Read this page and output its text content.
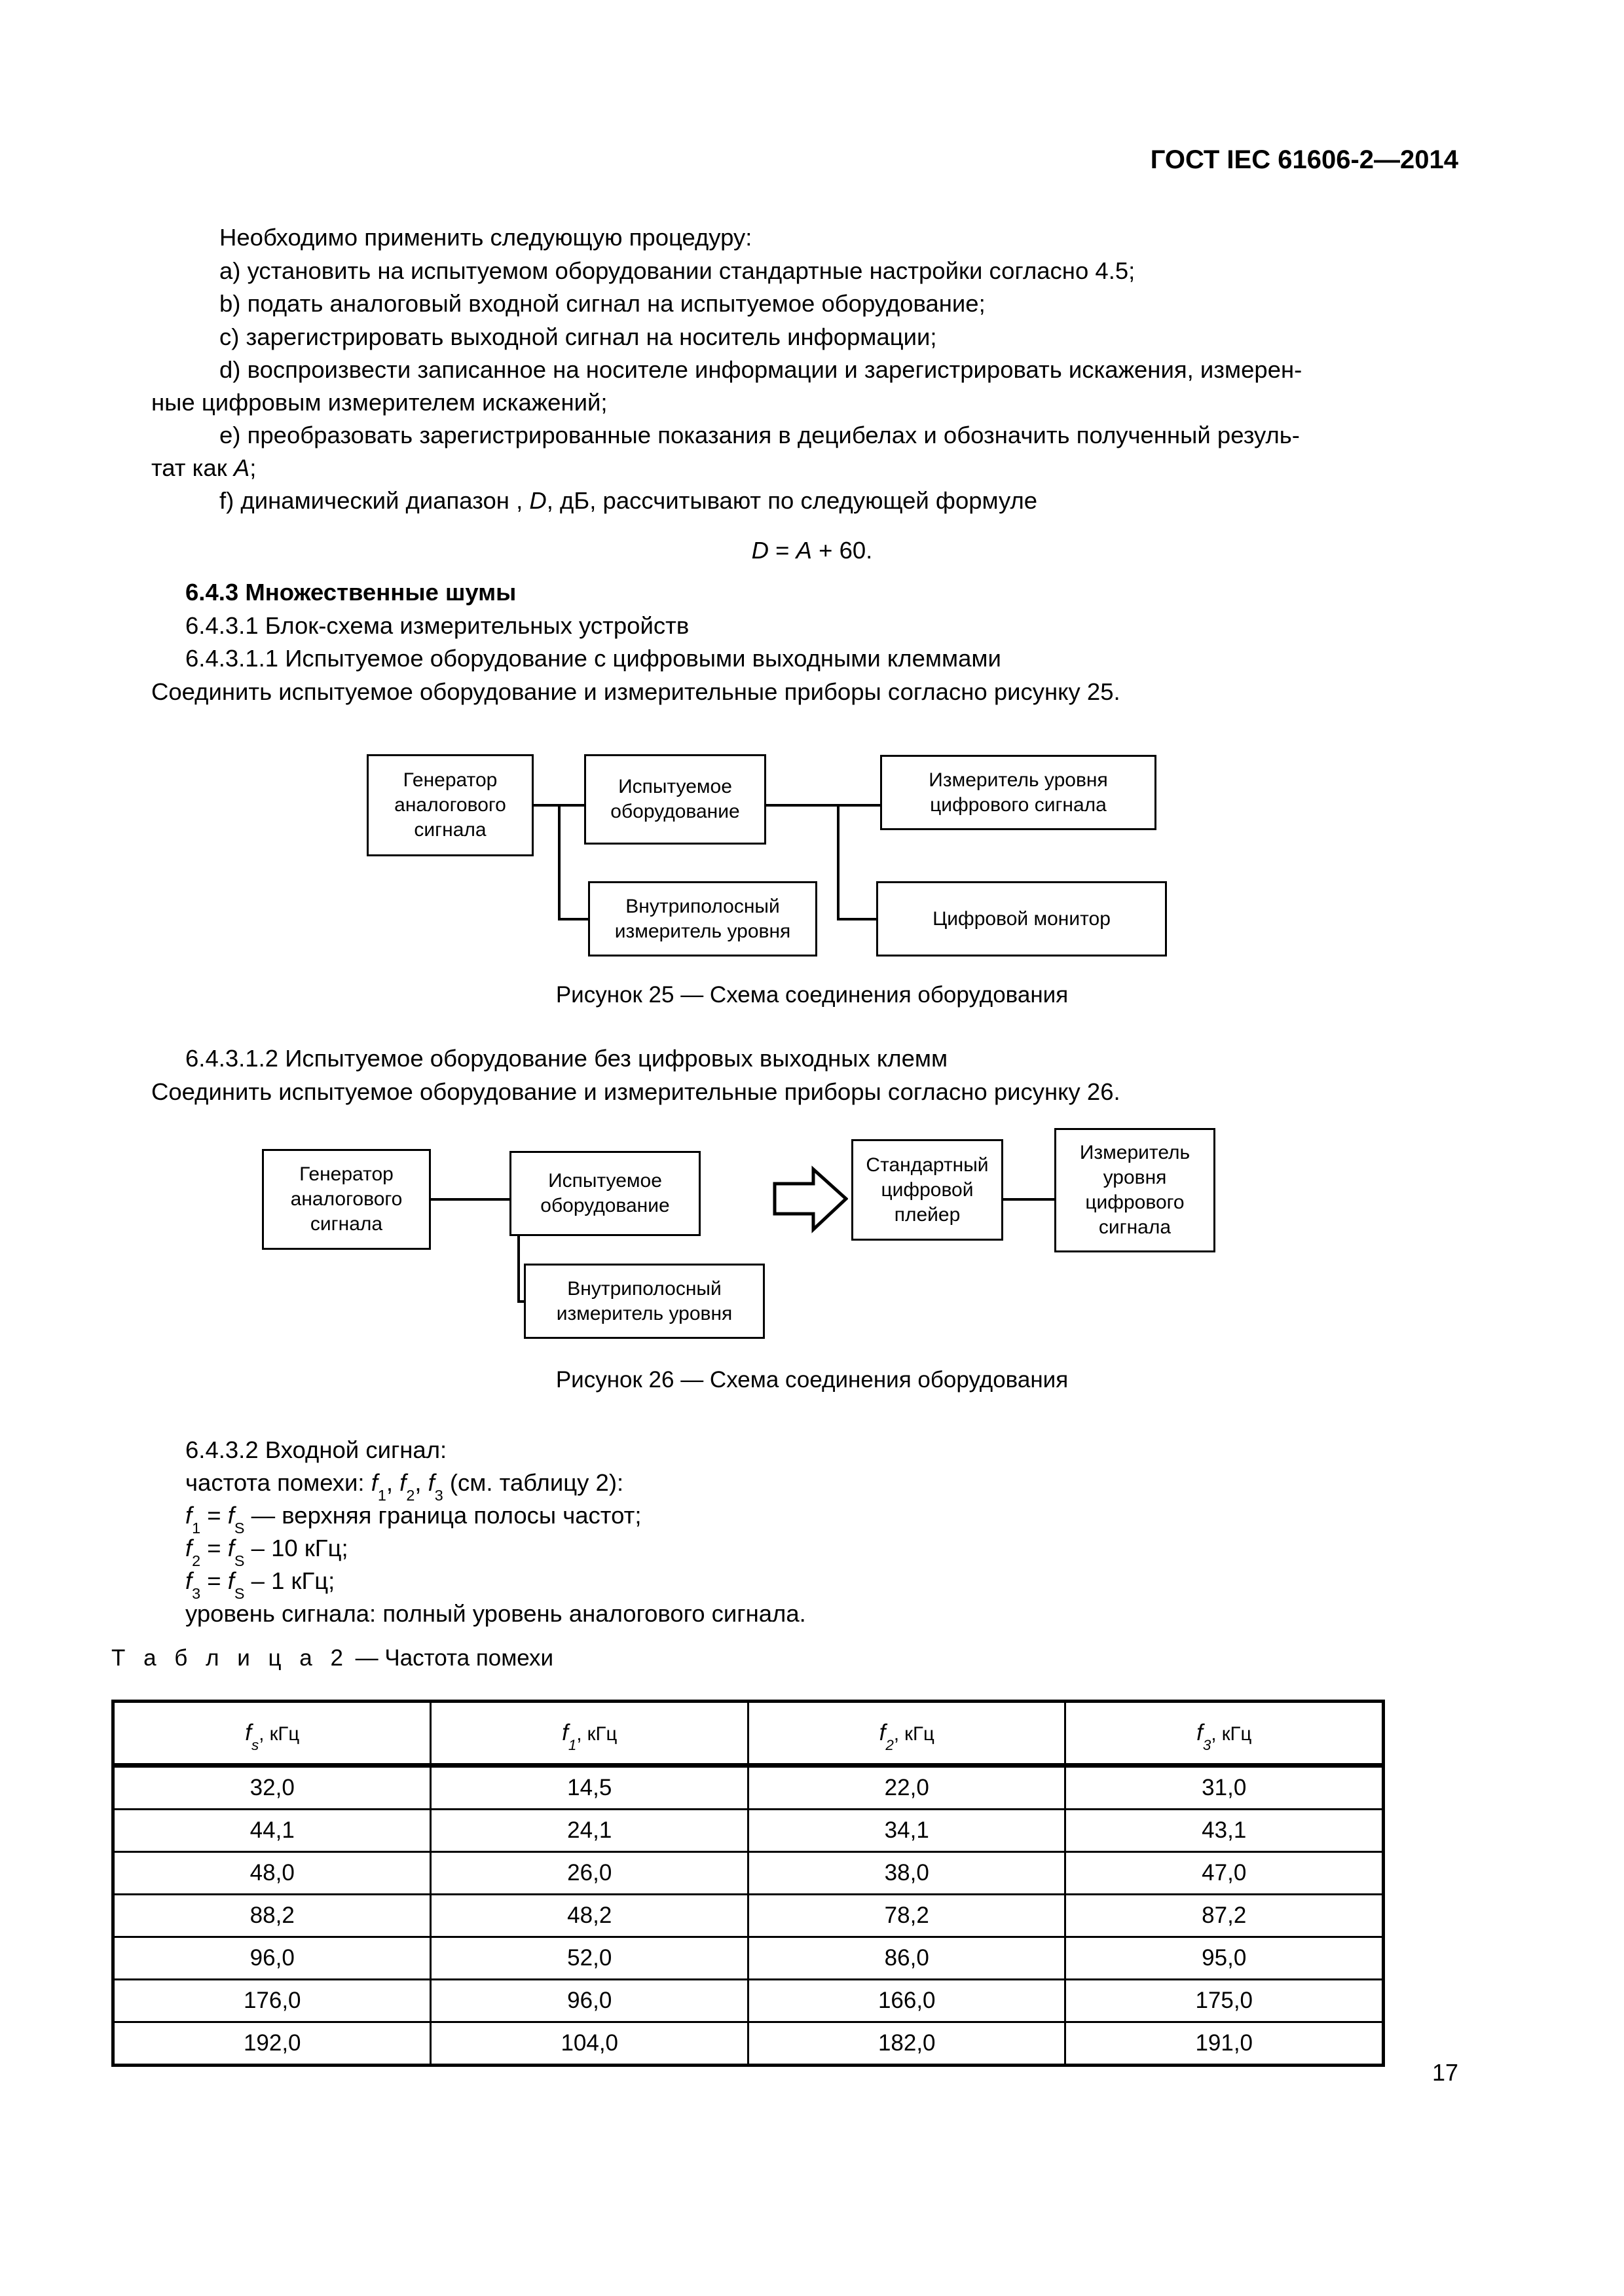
ГОСТ IEC 61606-2—2014

Необходимо применить следующую процедуру:

a) установить на испытуемом оборудовании стандартные настройки согласно 4.5;

b) подать аналоговый входной сигнал на испытуемое оборудование;

c) зарегистрировать выходной сигнал на носитель информации;

d) воспроизвести записанное на носителе информации и зарегистрировать искажения, измерен-

ные цифровым измерителем искажений;

e) преобразовать зарегистрированные показания в децибелах и обозначить полученный резуль-

тат как A;

f) динамический диапазон , D, дБ, рассчитывают по следующей формуле

D = A + 60.

6.4.3 Множественные шумы

6.4.3.1 Блок-схема измерительных устройств

6.4.3.1.1 Испытуемое оборудование с цифровыми выходными клеммами

Соединить испытуемое оборудование и измерительные приборы согласно рисунку 25.

Генератор
аналогового
сигнала
Испытуемое
оборудование
Измеритель уровня
цифрового сигнала
Внутриполосный
измеритель уровня
Цифровой монитор
Рисунок 25 — Схема соединения оборудования

6.4.3.1.2 Испытуемое оборудование без цифровых выходных клемм

Соединить испытуемое оборудование и измерительные приборы согласно рисунку 26.

Генератор
аналогового
сигнала
Испытуемое
оборудование
Стандартный
цифровой
плейер
Измеритель
уровня
цифрового
сигнала
Внутриполосный
измеритель уровня
Рисунок 26 — Схема соединения оборудования

6.4.3.2 Входной сигнал:

частота помехи: $f_1$, $f_2$, $f_3$ (см. таблицу 2):

$f_1 = f_S$ — верхняя граница полосы частот;

$f_2 = f_S - 10$ кГц;

$f_3 = f_S - 1$ кГц;

уровень сигнала: полный уровень аналогового сигнала.

Т а б л и ц а 2 — Частота помехи
$f_s$, кГц	$f_1$, кГц	$f_2$, кГц	$f_3$, кГц
32,0	14,5	22,0	31,0
44,1	24,1	34,1	43,1
48,0	26,0	38,0	47,0
88,2	48,2	78,2	87,2
96,0	52,0	86,0	95,0
176,0	96,0	166,0	175,0
192,0	104,0	182,0	191,0
17
